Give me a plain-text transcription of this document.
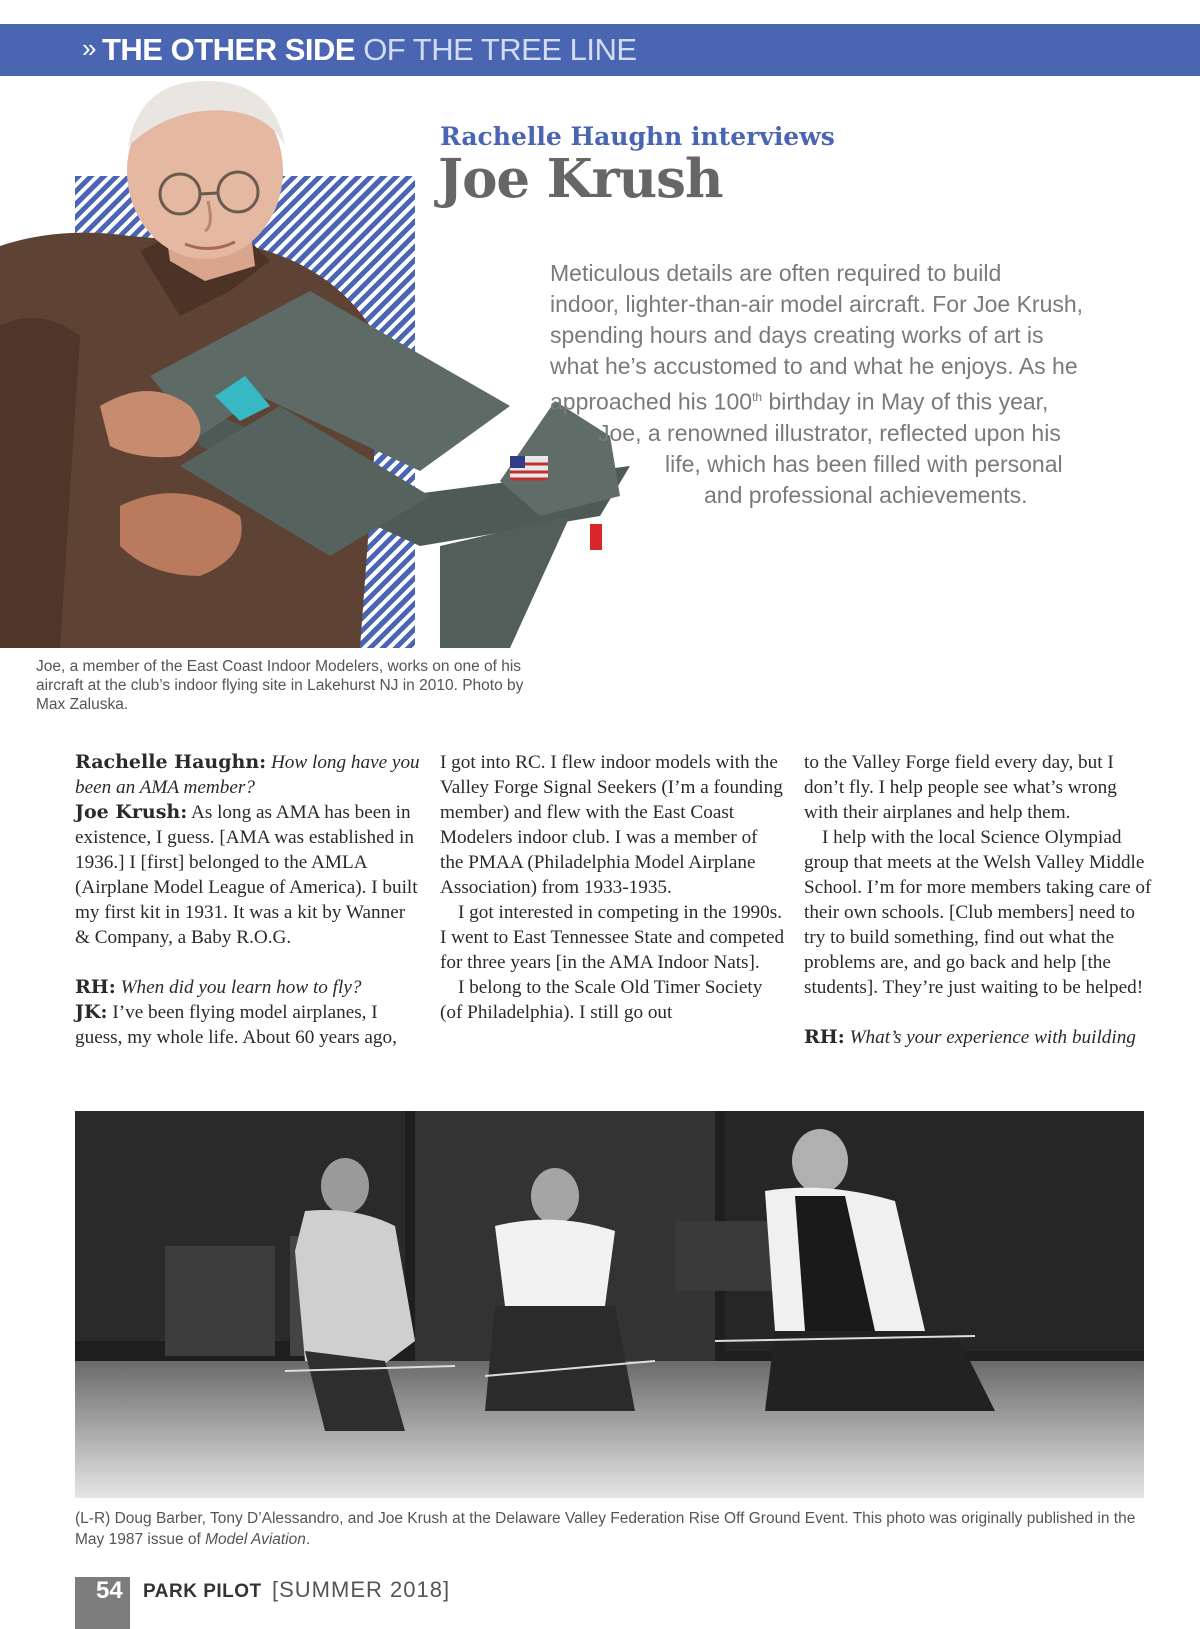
» THE OTHER SIDE OF THE TREE LINE
Rachelle Haughn interviews
Joe Krush
Meticulous details are often required to build
indoor, lighter-than-air model aircraft. For Joe Krush,
spending hours and days creating works of art is
what he’s accustomed to and what he enjoys. As he
approached his 100th birthday in May of this year,
Joe, a renowned illustrator, reflected upon his
life, which has been filled with personal
and professional achievements.
Joe, a member of the East Coast Indoor Modelers, works on one of his aircraft at the club’s indoor flying site in Lakehurst NJ in 2010. Photo by Max Zaluska.

Rachelle Haughn: How long have you been an AMA member?

Joe Krush: As long as AMA has been in existence, I guess. [AMA was established in 1936.] I [first] belonged to the AMLA (Airplane Model League of America). I built my first kit in 1931. It was a kit by Wanner & Company, a Baby R.O.G.

RH: When did you learn how to fly?

JK: I’ve been flying model airplanes, I guess, my whole life. About 60 years ago,

I got into RC. I flew indoor models with the Valley Forge Signal Seekers (I’m a founding member) and flew with the East Coast Modelers indoor club. I was a member of the PMAA (Philadelphia Model Airplane Association) from 1933-1935.

I got interested in competing in the 1990s. I went to East Tennessee State and competed for three years [in the AMA Indoor Nats].

I belong to the Scale Old Timer Society (of Philadelphia). I still go out

to the Valley Forge field every day, but I don’t fly. I help people see what’s wrong with their airplanes and help them.

I help with the local Science Olympiad group that meets at the Welsh Valley Middle School. I’m for more members taking care of their own schools. [Club members] need to try to build something, find out what the problems are, and go back and help [the students]. They’re just waiting to be helped!

RH: What’s your experience with building

(L-R) Doug Barber, Tony D’Alessandro, and Joe Krush at the Delaware Valley Federation Rise Off Ground Event. This photo was originally published in the May 1987 issue of Model Aviation.
54 PARK PILOT [SUMMER 2018]
